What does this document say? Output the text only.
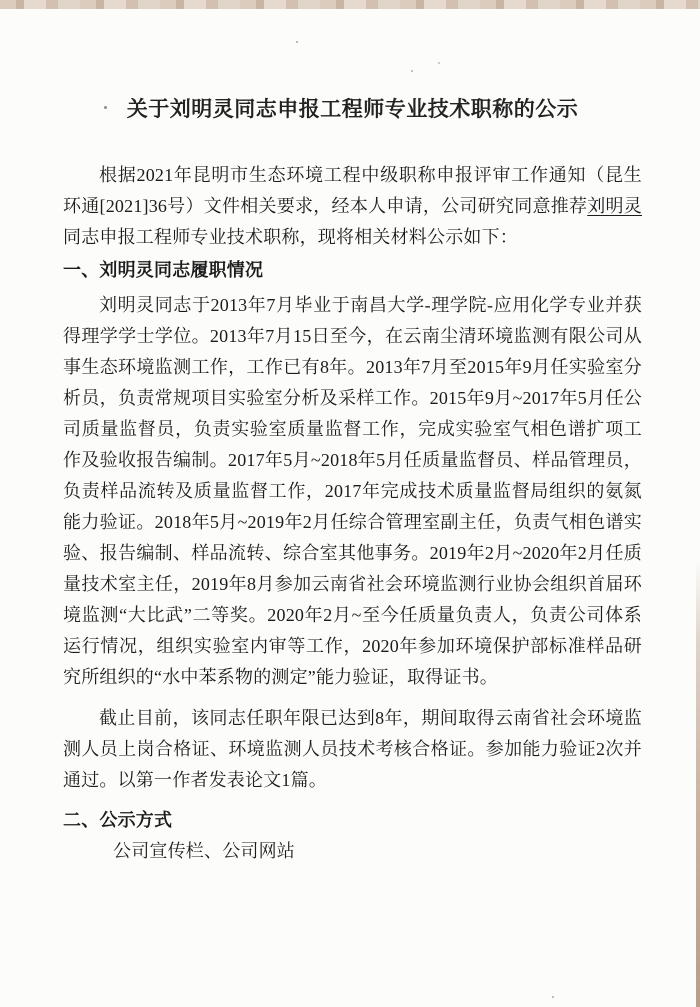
关于刘明灵同志申报工程师专业技术职称的公示

根据2021年昆明市生态环境工程中级职称申报评审工作通知（昆生环通[2021]36号）文件相关要求，经本人申请，公司研究同意推荐刘明灵同志申报工程师专业技术职称，现将相关材料公示如下：

一、刘明灵同志履职情况

刘明灵同志于2013年7月毕业于南昌大学-理学院-应用化学专业并获得理学学士学位。2013年7月15日至今，在云南尘清环境监测有限公司从事生态环境监测工作，工作已有8年。2013年7月至2015年9月任实验室分析员，负责常规项目实验室分析及采样工作。2015年9月~2017年5月任公司质量监督员，负责实验室质量监督工作，完成实验室气相色谱扩项工作及验收报告编制。2017年5月~2018年5月任质量监督员、样品管理员，负责样品流转及质量监督工作，2017年完成技术质量监督局组织的氨氮能力验证。2018年5月~2019年2月任综合管理室副主任，负责气相色谱实验、报告编制、样品流转、综合室其他事务。2019年2月~2020年2月任质量技术室主任，2019年8月参加云南省社会环境监测行业协会组织首届环境监测“大比武”二等奖。2020年2月~至今任质量负责人，负责公司体系运行情况，组织实验室内审等工作，2020年参加环境保护部标准样品研究所组织的“水中苯系物的测定”能力验证，取得证书。

截止目前，该同志任职年限已达到8年，期间取得云南省社会环境监测人员上岗合格证、环境监测人员技术考核合格证。参加能力验证2次并通过。以第一作者发表论文1篇。

二、公示方式

公司宣传栏、公司网站
